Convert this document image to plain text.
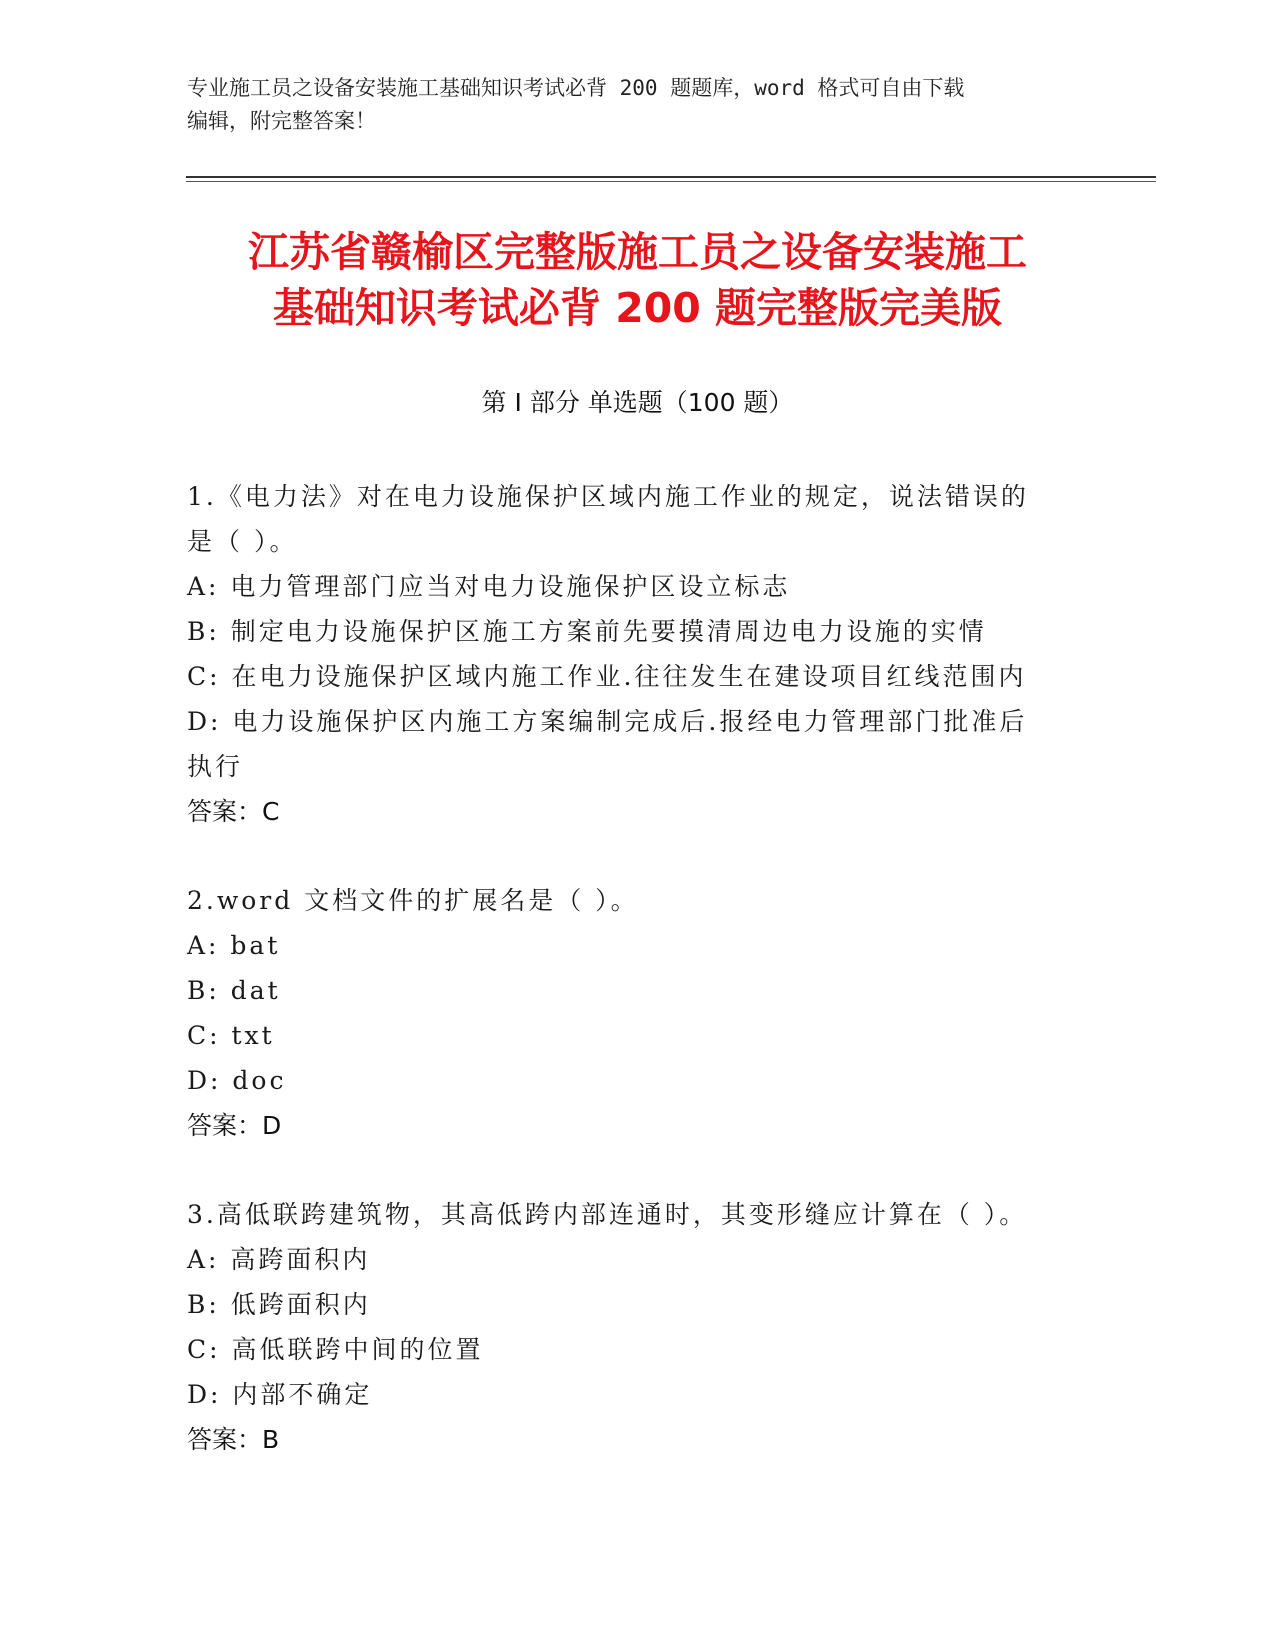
专业施工员之设备安装施工基础知识考试必背 200 题题库，word 格式可自由下载
编辑，附完整答案！
江苏省赣榆区完整版施工员之设备安装施工
基础知识考试必背 200 题完整版完美版
第 I 部分 单选题（100 题）
1.《电力法》对在电力设施保护区域内施工作业的规定，说法错误的
是（ ）。
A: 电力管理部门应当对电力设施保护区设立标志
B: 制定电力设施保护区施工方案前先要摸清周边电力设施的实情
C: 在电力设施保护区域内施工作业.往往发生在建设项目红线范围内
D: 电力设施保护区内施工方案编制完成后.报经电力管理部门批准后
执行
答案：C
2.word 文档文件的扩展名是（ ）。
A: bat
B: dat
C: txt
D: doc
答案：D
3.高低联跨建筑物，其高低跨内部连通时，其变形缝应计算在（ ）。
A: 高跨面积内
B: 低跨面积内
C: 高低联跨中间的位置
D: 内部不确定
答案：B
